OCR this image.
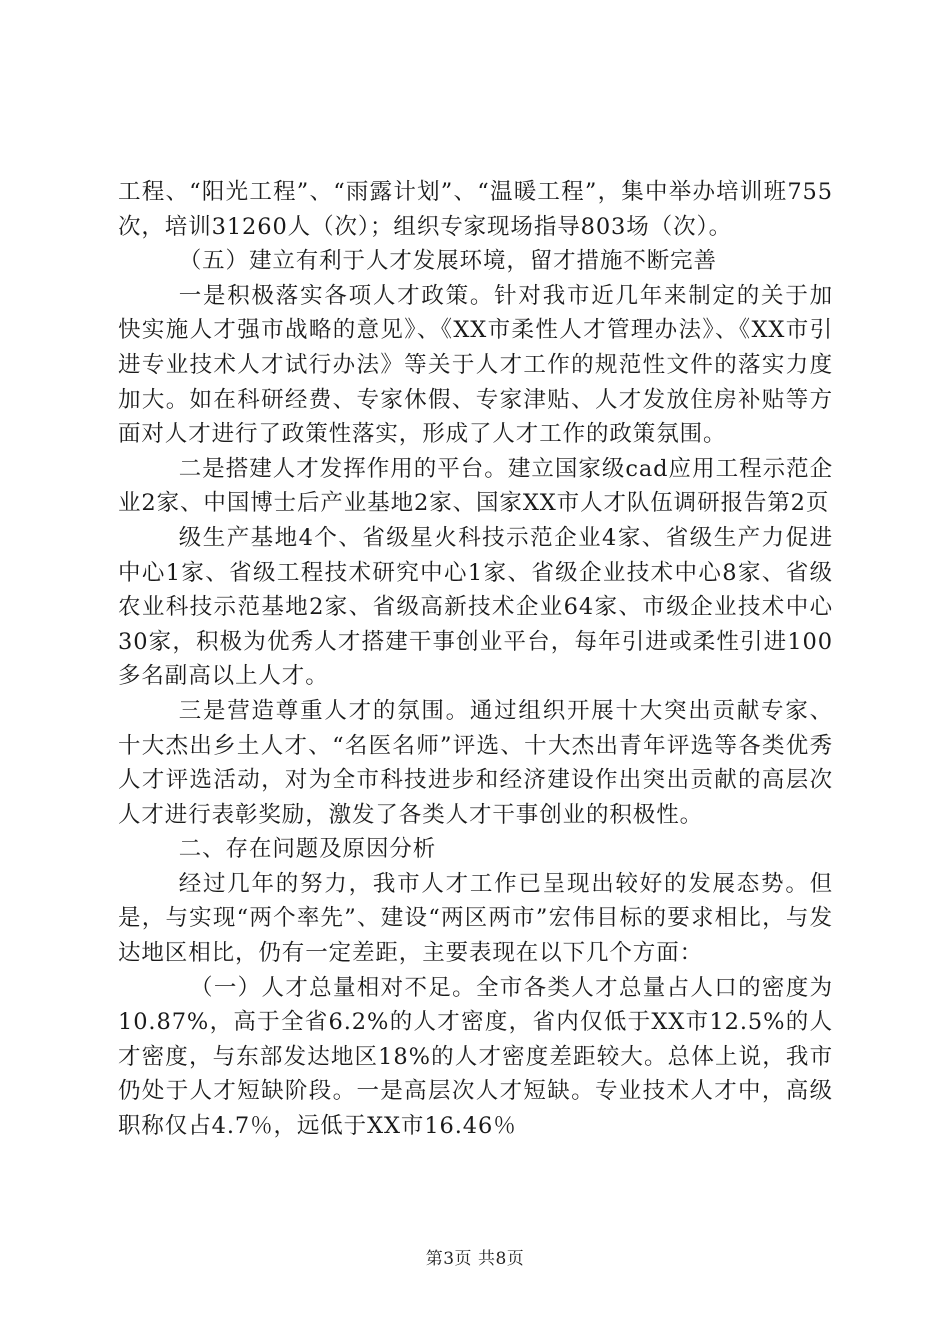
工程、“阳光工程”、“雨露计划”、“温暖工程”，集中举办培训班755次，培训31260人（次）；组织专家现场指导803场（次）。

（五）建立有利于人才发展环境，留才措施不断完善

一是积极落实各项人才政策。针对我市近几年来制定的关于加快实施人才强市战略的意见》、《XX市柔性人才管理办法》、《XX市引进专业技术人才试行办法》等关于人才工作的规范性文件的落实力度加大。如在科研经费、专家休假、专家津贴、人才发放住房补贴等方面对人才进行了政策性落实，形成了人才工作的政策氛围。

二是搭建人才发挥作用的平台。建立国家级cad应用工程示范企业2家、中国博士后产业基地2家、国家XX市人才队伍调研报告第2页

级生产基地4个、省级星火科技示范企业4家、省级生产力促进中心1家、省级工程技术研究中心1家、省级企业技术中心8家、省级农业科技示范基地2家、省级高新技术企业64家、市级企业技术中心30家，积极为优秀人才搭建干事创业平台，每年引进或柔性引进100多名副高以上人才。

三是营造尊重人才的氛围。通过组织开展十大突出贡献专家、十大杰出乡土人才、“名医名师”评选、十大杰出青年评选等各类优秀人才评选活动，对为全市科技进步和经济建设作出突出贡献的高层次人才进行表彰奖励，激发了各类人才干事创业的积极性。

二、存在问题及原因分析

经过几年的努力，我市人才工作已呈现出较好的发展态势。但是，与实现“两个率先”、建设“两区两市”宏伟目标的要求相比，与发达地区相比，仍有一定差距，主要表现在以下几个方面：

（一）人才总量相对不足。全市各类人才总量占人口的密度为10.87%，高于全省6.2%的人才密度，省内仅低于XX市12.5%的人才密度，与东部发达地区18%的人才密度差距较大。总体上说，我市仍处于人才短缺阶段。一是高层次人才短缺。专业技术人才中，高级职称仅占4.7％，远低于XX市16.46％

第3页 共8页
